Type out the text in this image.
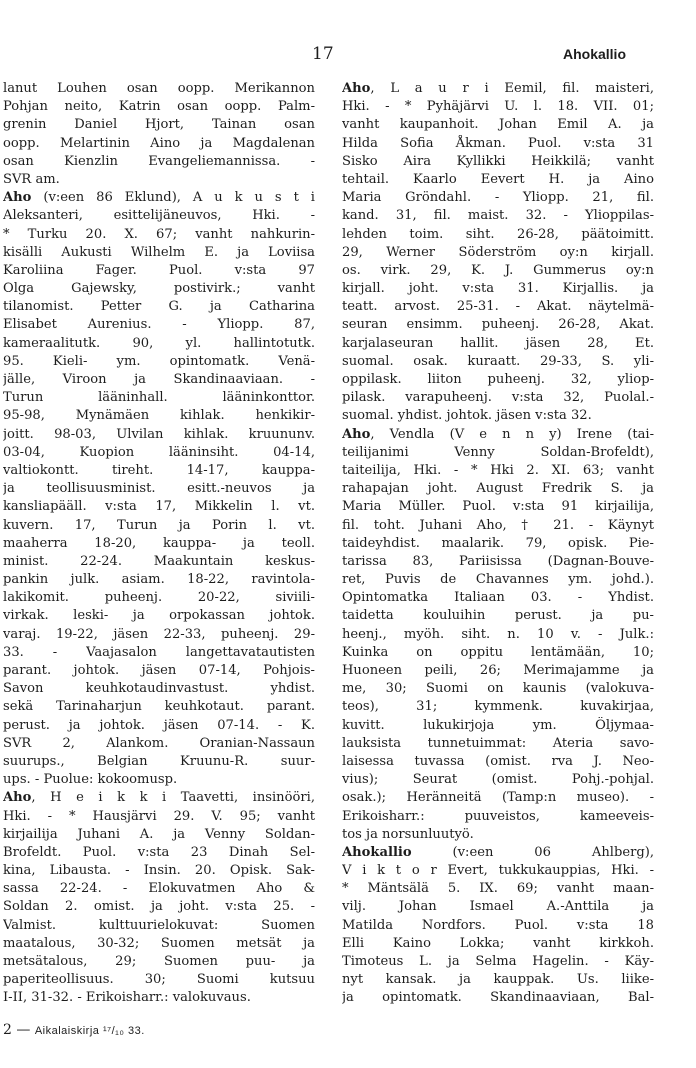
17	Ahokallio
lanut Louhen osan oopp. Merikannon
Pohjan neito, Katrin osan oopp. Palm-
grenin Daniel Hjort, Tainan osan
oopp. Melartinin Aino ja Magdalenan
osan Kienzlin Evangeliemannissa. -
SVR am.
Aho (v:een 86 Eklund), A u k u s t i
Aleksanteri, esittelijäneuvos, Hki. -
* Turku 20. X. 67; vanht nahkurin-
kisälli Aukusti Wilhelm E. ja Loviisa
Karoliina Fager. Puol. v:sta 97
Olga Gajewsky, postivirk.; vanht
tilanomist. Petter G. ja Catharina
Elisabet Aurenius. - Yliopp. 87,
kameraalitutk. 90, yl. hallintotutk.
95. Kieli- ym. opintomatk. Venä-
jälle, Viroon ja Skandinaaviaan. -
Turun lääninhall. lääninkonttor.
95-98, Mynämäen kihlak. henkikir-
joitt. 98-03, Ulvilan kihlak. kruununv.
03-04, Kuopion lääninsiht. 04-14,
valtiokontt. tireht. 14-17, kauppa-
ja teollisuusminist. esitt.-neuvos ja
kansliapääll. v:sta 17, Mikkelin l. vt.
kuvern. 17, Turun ja Porin l. vt.
maaherra 18-20, kauppa- ja teoll.
minist. 22-24. Maakuntain keskus-
pankin julk. asiam. 18-22, ravintola-
lakikomit. puheenj. 20-22, siviili-
virkak. leski- ja orpokassan johtok.
varaj. 19-22, jäsen 22-33, puheenj. 29-
33. - Vaajasalon langettavatautisten
parant. johtok. jäsen 07-14, Pohjois-
Savon keuhkotaudinvastust. yhdist.
sekä Tarinaharjun keuhkotaut. parant.
perust. ja johtok. jäsen 07-14. - K.
SVR 2, Alankom. Oranian-Nassaun
suurups., Belgian Kruunu-R. suur-
ups. - Puolue: kokoomusp.
Aho, H e i k k i Taavetti, insinööri,
Hki. - * Hausjärvi 29. V. 95; vanht
kirjailija Juhani A. ja Venny Soldan-
Brofeldt. Puol. v:sta 23 Dinah Sel-
kina, Libausta. - Insin. 20. Opisk. Sak-
sassa 22-24. - Elokuvatmen Aho &
Soldan 2. omist. ja joht. v:sta 25. -
Valmist. kulttuurielokuvat: Suomen
maatalous, 30-32; Suomen metsät ja
metsätalous, 29; Suomen puu- ja
paperiteollisuus. 30; Suomi kutsuu
I-II, 31-32. - Erikoisharr.: valokuvaus.
Aho, L a u r i Eemil, fil. maisteri,
Hki. - * Pyhäjärvi U. l. 18. VII. 01;
vanht kaupanhoit. Johan Emil A. ja
Hilda Sofia Åkman. Puol. v:sta 31
Sisko Aira Kyllikki Heikkilä; vanht
tehtail. Kaarlo Eevert H. ja Aino
Maria Gröndahl. - Yliopp. 21, fil.
kand. 31, fil. maist. 32. - Ylioppilas-
lehden toim. siht. 26-28, päätoimitt.
29, Werner Söderström oy:n kirjall.
os. virk. 29, K. J. Gummerus oy:n
kirjall. joht. v:sta 31. Kirjallis. ja
teatt. arvost. 25-31. - Akat. näytelmä-
seuran ensimm. puheenj. 26-28, Akat.
karjalaseuran hallit. jäsen 28, Et.
suomal. osak. kuraatt. 29-33, S. yli-
oppilask. liiton puheenj. 32, yliop-
pilask. varapuheenj. v:sta 32, Puolal.-
suomal. yhdist. johtok. jäsen v:sta 32.
Aho, Vendla (V e n n y) Irene (tai-
teilijanimi Venny Soldan-Brofeldt),
taiteilija, Hki. - * Hki 2. XI. 63; vanht
rahapajan joht. August Fredrik S. ja
Maria Müller. Puol. v:sta 91 kirjailija,
fil. toht. Juhani Aho, † 21. - Käynyt
taideyhdist. maalarik. 79, opisk. Pie-
tarissa 83, Pariisissa (Dagnan-Bouve-
ret, Puvis de Chavannes ym. johd.).
Opintomatka Italiaan 03. - Yhdist.
taidetta kouluihin perust. ja pu-
heenj., myöh. siht. n. 10 v. - Julk.:
Kuinka on oppitu lentämään, 10;
Huoneen peili, 26; Merimajamme ja
me, 30; Suomi on kaunis (valokuva-
teos), 31; kymmenk. kuvakirjaa,
kuvitt. lukukirjoja ym. Öljymaa-
lauksista tunnetuimmat: Ateria savo-
laisessa tuvassa (omist. rva J. Neo-
vius); Seurat (omist. Pohj.-pohjal.
osak.); Heränneitä (Tamp:n museo). -
Erikoisharr.: puuveistos, kameeveis-
tos ja norsunluutyö.
Ahokallio (v:een 06 Ahlberg),
V i k t o r Evert, tukkukauppias, Hki. -
* Mäntsälä 5. IX. 69; vanht maan-
vilj. Johan Ismael A.-Anttila ja
Matilda Nordfors. Puol. v:sta 18
Elli Kaino Lokka; vanht kirkkoh.
Timoteus L. ja Selma Hagelin. - Käy-
nyt kansak. ja kauppak. Us. liike-
ja opintomatk. Skandinaaviaan, Bal-
2 — Aikalaiskirja ¹⁷/₁₀ 33.
